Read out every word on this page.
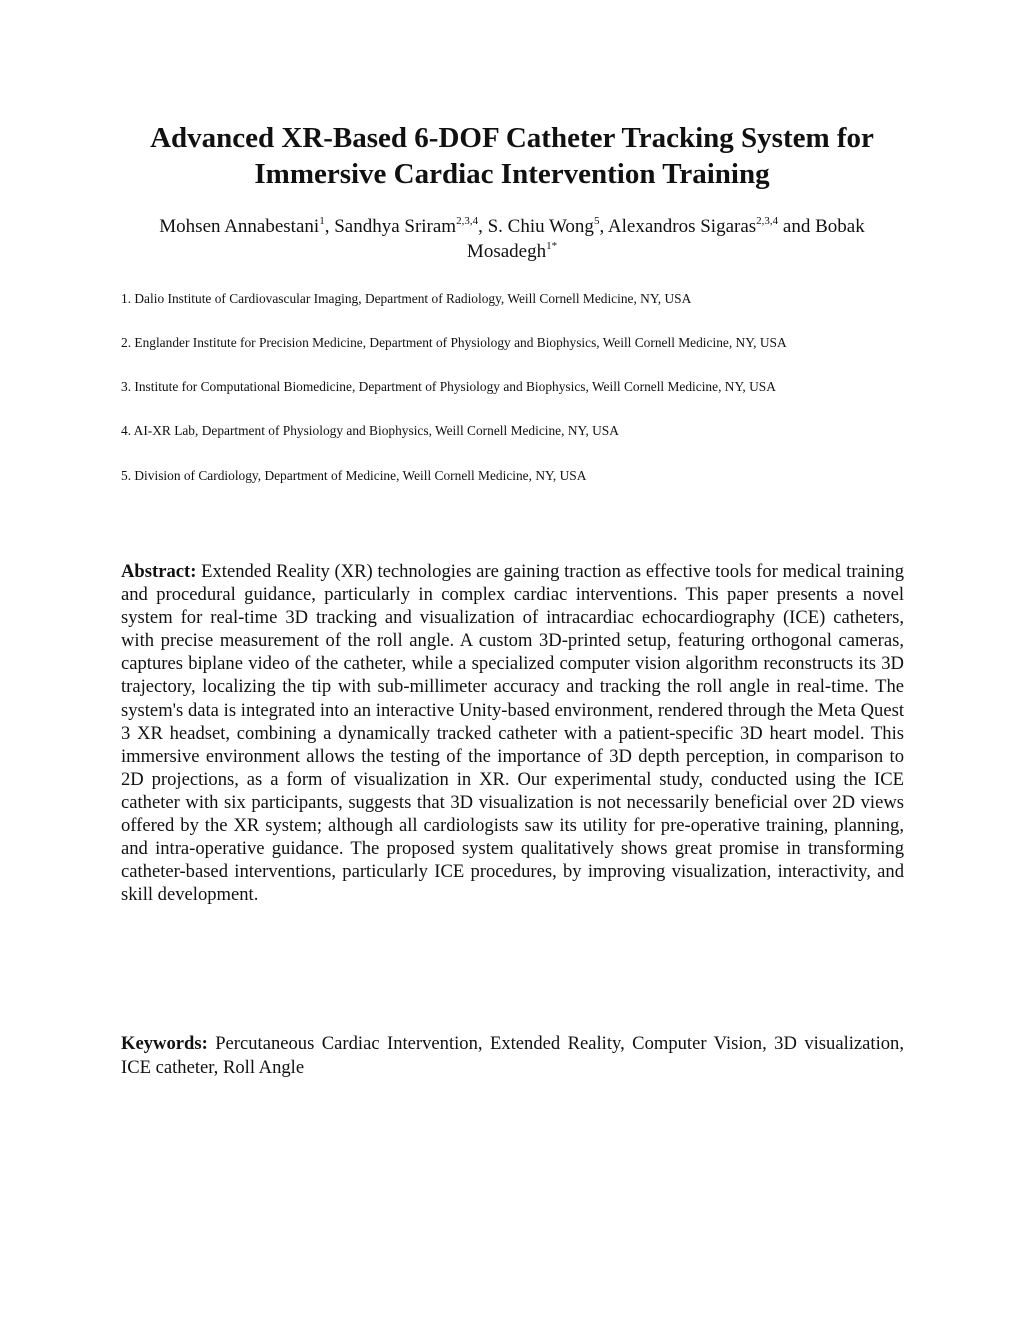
Advanced XR-Based 6-DOF Catheter Tracking System for
Immersive Cardiac Intervention Training

Mohsen Annabestani$^1$, Sandhya Sriram$^{2,3,4}$, S. Chiu Wong$^5$, Alexandros Sigaras$^{2,3,4}$ and Bobak Mosadegh$^{1*}$

1. Dalio Institute of Cardiovascular Imaging, Department of Radiology, Weill Cornell Medicine, NY, USA

2. Englander Institute for Precision Medicine, Department of Physiology and Biophysics, Weill Cornell Medicine, NY, USA

3. Institute for Computational Biomedicine, Department of Physiology and Biophysics, Weill Cornell Medicine, NY, USA

4. AI-XR Lab, Department of Physiology and Biophysics, Weill Cornell Medicine, NY, USA

5. Division of Cardiology, Department of Medicine, Weill Cornell Medicine, NY, USA

Abstract: Extended Reality (XR) technologies are gaining traction as effective tools for medical training and procedural guidance, particularly in complex cardiac interventions. This paper presents a novel system for real-time 3D tracking and visualization of intracardiac echocardiography (ICE) catheters, with precise measurement of the roll angle. A custom 3D-printed setup, featuring orthogonal cameras, captures biplane video of the catheter, while a specialized computer vision algorithm reconstructs its 3D trajectory, localizing the tip with sub-millimeter accuracy and tracking the roll angle in real-time. The system's data is integrated into an interactive Unity-based environment, rendered through the Meta Quest 3 XR headset, combining a dynamically tracked catheter with a patient-specific 3D heart model. This immersive environment allows the testing of the importance of 3D depth perception, in comparison to 2D projections, as a form of visualization in XR. Our experimental study, conducted using the ICE catheter with six participants, suggests that 3D visualization is not necessarily beneficial over 2D views offered by the XR system; although all cardiologists saw its utility for pre-operative training, planning, and intra-operative guidance. The proposed system qualitatively shows great promise in transforming catheter-based interventions, particularly ICE procedures, by improving visualization, interactivity, and skill development.

Keywords: Percutaneous Cardiac Intervention, Extended Reality, Computer Vision, 3D visualization, ICE catheter, Roll Angle
